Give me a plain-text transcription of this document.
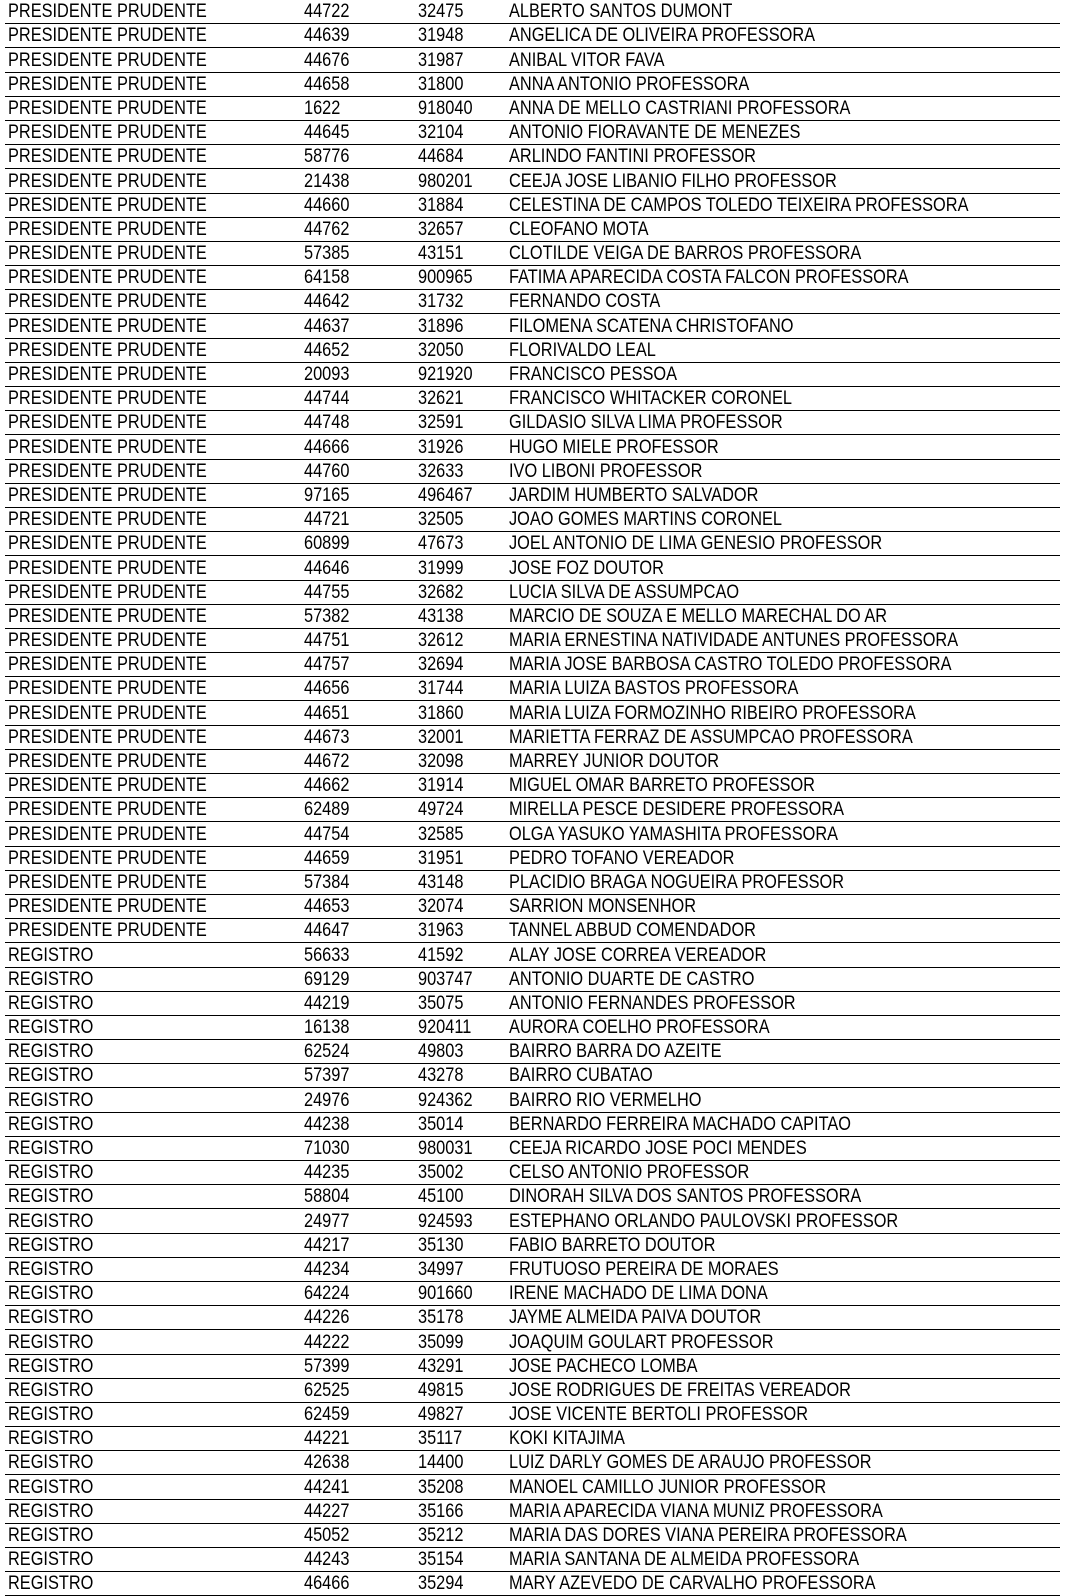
PRESIDENTE PRUDENTE	44722	32475	ALBERTO SANTOS DUMONT
PRESIDENTE PRUDENTE	44639	31948	ANGELICA DE OLIVEIRA PROFESSORA
PRESIDENTE PRUDENTE	44676	31987	ANIBAL VITOR FAVA
PRESIDENTE PRUDENTE	44658	31800	ANNA ANTONIO PROFESSORA
PRESIDENTE PRUDENTE	1622	918040	ANNA DE MELLO CASTRIANI PROFESSORA
PRESIDENTE PRUDENTE	44645	32104	ANTONIO FIORAVANTE DE MENEZES
PRESIDENTE PRUDENTE	58776	44684	ARLINDO FANTINI PROFESSOR
PRESIDENTE PRUDENTE	21438	980201	CEEJA JOSE LIBANIO FILHO PROFESSOR
PRESIDENTE PRUDENTE	44660	31884	CELESTINA DE CAMPOS TOLEDO TEIXEIRA PROFESSORA
PRESIDENTE PRUDENTE	44762	32657	CLEOFANO MOTA
PRESIDENTE PRUDENTE	57385	43151	CLOTILDE VEIGA DE BARROS PROFESSORA
PRESIDENTE PRUDENTE	64158	900965	FATIMA APARECIDA COSTA FALCON PROFESSORA
PRESIDENTE PRUDENTE	44642	31732	FERNANDO COSTA
PRESIDENTE PRUDENTE	44637	31896	FILOMENA SCATENA CHRISTOFANO
PRESIDENTE PRUDENTE	44652	32050	FLORIVALDO LEAL
PRESIDENTE PRUDENTE	20093	921920	FRANCISCO PESSOA
PRESIDENTE PRUDENTE	44744	32621	FRANCISCO WHITACKER CORONEL
PRESIDENTE PRUDENTE	44748	32591	GILDASIO SILVA LIMA PROFESSOR
PRESIDENTE PRUDENTE	44666	31926	HUGO MIELE PROFESSOR
PRESIDENTE PRUDENTE	44760	32633	IVO LIBONI PROFESSOR
PRESIDENTE PRUDENTE	97165	496467	JARDIM HUMBERTO SALVADOR
PRESIDENTE PRUDENTE	44721	32505	JOAO GOMES MARTINS CORONEL
PRESIDENTE PRUDENTE	60899	47673	JOEL ANTONIO DE LIMA GENESIO PROFESSOR
PRESIDENTE PRUDENTE	44646	31999	JOSE FOZ DOUTOR
PRESIDENTE PRUDENTE	44755	32682	LUCIA SILVA DE ASSUMPCAO
PRESIDENTE PRUDENTE	57382	43138	MARCIO DE SOUZA E MELLO MARECHAL DO AR
PRESIDENTE PRUDENTE	44751	32612	MARIA ERNESTINA NATIVIDADE ANTUNES PROFESSORA
PRESIDENTE PRUDENTE	44757	32694	MARIA JOSE BARBOSA CASTRO TOLEDO PROFESSORA
PRESIDENTE PRUDENTE	44656	31744	MARIA LUIZA BASTOS PROFESSORA
PRESIDENTE PRUDENTE	44651	31860	MARIA LUIZA FORMOZINHO RIBEIRO PROFESSORA
PRESIDENTE PRUDENTE	44673	32001	MARIETTA FERRAZ DE ASSUMPCAO PROFESSORA
PRESIDENTE PRUDENTE	44672	32098	MARREY JUNIOR DOUTOR
PRESIDENTE PRUDENTE	44662	31914	MIGUEL OMAR BARRETO PROFESSOR
PRESIDENTE PRUDENTE	62489	49724	MIRELLA PESCE DESIDERE PROFESSORA
PRESIDENTE PRUDENTE	44754	32585	OLGA YASUKO YAMASHITA PROFESSORA
PRESIDENTE PRUDENTE	44659	31951	PEDRO TOFANO VEREADOR
PRESIDENTE PRUDENTE	57384	43148	PLACIDIO BRAGA NOGUEIRA PROFESSOR
PRESIDENTE PRUDENTE	44653	32074	SARRION MONSENHOR
PRESIDENTE PRUDENTE	44647	31963	TANNEL ABBUD COMENDADOR
REGISTRO	56633	41592	ALAY JOSE CORREA VEREADOR
REGISTRO	69129	903747	ANTONIO DUARTE DE CASTRO
REGISTRO	44219	35075	ANTONIO FERNANDES PROFESSOR
REGISTRO	16138	920411	AURORA COELHO PROFESSORA
REGISTRO	62524	49803	BAIRRO BARRA DO AZEITE
REGISTRO	57397	43278	BAIRRO CUBATAO
REGISTRO	24976	924362	BAIRRO RIO VERMELHO
REGISTRO	44238	35014	BERNARDO FERREIRA MACHADO CAPITAO
REGISTRO	71030	980031	CEEJA RICARDO JOSE POCI MENDES
REGISTRO	44235	35002	CELSO ANTONIO PROFESSOR
REGISTRO	58804	45100	DINORAH SILVA DOS SANTOS PROFESSORA
REGISTRO	24977	924593	ESTEPHANO ORLANDO PAULOVSKI PROFESSOR
REGISTRO	44217	35130	FABIO BARRETO DOUTOR
REGISTRO	44234	34997	FRUTUOSO PEREIRA DE MORAES
REGISTRO	64224	901660	IRENE MACHADO DE LIMA DONA
REGISTRO	44226	35178	JAYME ALMEIDA PAIVA DOUTOR
REGISTRO	44222	35099	JOAQUIM GOULART PROFESSOR
REGISTRO	57399	43291	JOSE PACHECO LOMBA
REGISTRO	62525	49815	JOSE RODRIGUES DE FREITAS VEREADOR
REGISTRO	62459	49827	JOSE VICENTE BERTOLI PROFESSOR
REGISTRO	44221	35117	KOKI KITAJIMA
REGISTRO	42638	14400	LUIZ DARLY GOMES DE ARAUJO PROFESSOR
REGISTRO	44241	35208	MANOEL CAMILLO JUNIOR PROFESSOR
REGISTRO	44227	35166	MARIA APARECIDA VIANA MUNIZ PROFESSORA
REGISTRO	45052	35212	MARIA DAS DORES VIANA PEREIRA PROFESSORA
REGISTRO	44243	35154	MARIA SANTANA DE ALMEIDA PROFESSORA
REGISTRO	46466	35294	MARY AZEVEDO DE CARVALHO PROFESSORA
